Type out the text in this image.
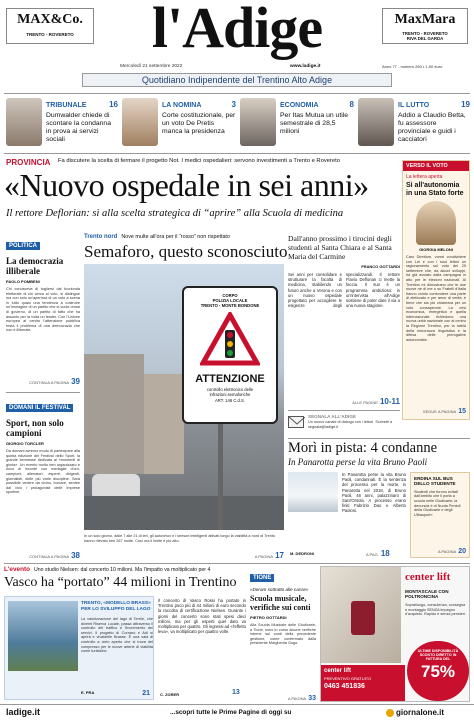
MAX&Co.
TRENTO - ROVERETO	l'Adige	MaxMara
TRENTO - ROVERETO
RIVA DEL GARDA
Mercoledì 21 settembre 2022	www.ladige.it	Anno 77 - numero 260 • 1,50 euro
Quotidiano Indipendente del Trentino Alto Adige
16
TRIBUNALE
Dumwalder chiede di scontare la condanna in prova ai servizi sociali
3
LA NOMINA
Corte costituzionale, per un voto De Pretis manca la presidenza
8
ECONOMIA
Per Itas Mutua un utile semestrale di 28,5 milioni
19
IL LUTTO
Addio a Claudio Betta, fu assessore provinciale e guidi i cacciatori
PROVINCIA Fa discutere la scelta di fermare il progetto Not. I medici ospedalieri: servono investimenti a Trento e Rovereto
«Nuovo ospedale in sei anni»
Il rettore Deflorian: sì alla scelta strategica di “aprire” alla Scuola di medicina
VERSO IL VOTO
La lettera aperta
Sì all'autonomia in una Stato forte
GIORGIA MELONI
Caro Direttore, vorrei condividere con Lei e con i suoi lettori un ragionamento sul voto del 25 settembre che, da alcuni sviluppi, ha già avviato dalla campagna in atto per le elezioni nazionali. Al Trentino mi dimostrano che le due nuove ne di me o su Fratelli d'Italia hanno voluto confondere una parte di elettorato e per amor di verità, è bene che sia più chiarezza per un voto consapevole. La crisi economica, energetica e quella internazionale richiedono una nuova unità nazionale con al centro la Regione Trentino, per la tutela della minoranza linguistica e la difesa delle prerogative autonomiste.
SEGUE A PAGINA 15
POLITICA
La democrazia illiberale
PAOLO POMBENI
Chi conosceva di togliersi dal fuorionda elettorale di chi cerca al voto, si distingue ma con solo un'apertura di un voto a scena in tutto quasi una tendenza a costruire un'immagine di un partito che si vuole ormai di governo, di un partito di fatto che ha assunto per la volta un leader. Con l'Unione europea al centro l'attenzione pubblica resta il problema di una democrazia che non è illiberale.
CONTINUA A PAGINA 39
DOMANI IL FESTIVAL
Sport, non solo campioni
GIORGIO TORCLER
Da domani avremo modo di partecipare alla quinta edizione del Festival dello Sport, la grande kermesse dedicata ai «momenti di gloria». Un evento molto ben organizzato e ricco di incontri con medaglie d'oro, campioni, allenatori, esperti, dirigenti, giornalisti, delle più varie discipline. Sarà possibile vedere da vicino, toccare, sentire dal vivo i protagonisti delle imprese sportive.
CONTINUA A PAGINA 38
Trento nord Nove multe all'ora per il “rosso” non rispettato
Semaforo, questo sconosciuto
CORPO
POLIZIA LOCALE
TRENTO - MONTE BONDONE
ATTENZIONE
controllo elettronico delle
infrazioni semaforiche
ART. 146 C.d.S.
In un solo giorno, dalle 7 alle 21 di ieri, gli autovelox e i sensori intelligenti attivati lungo la viabilità a nord di Trento hanno rilevato ben 267 multe. Così ora il limite è più alto.
A PAGINA 17
Dall'anno prossimo i tirocini degli studenti al Santa Chiara e al Santa Maria del Carmine
FRANCO GOTTARDI
Sei anni per consolidare e strutturare la facoltà di medicina, stabilendo un futuro anche a Verona e con un nuovo ospedale progettato per accogliere le esigenze degli specializzandi. Il rettore Flavio Deflorian ci mette la faccia. Il suo è un programma ambizioso: in un'intervista all'Adige sostiene di poter dare il via a una nuova stagione.
ALLE PAGINE 10-11
SEGNALA ALL'ADIGE
Un nuovo canale di dialogo con i lettori. Scrivete a segnala@ladige.it
Morì in pista: 4 condanne
In Panarotta perse la vita Bruno Paoli
In Panarotta perse la vita Bruno Paoli, condannati. È la sentenza del processo per la morte, in Panarotta nel 2018, di Bruno Paoli, 46 anni, palazzinaro di Sant'Orsola. A processo erano finiti Fabrizio Dao e Alberto Paoloni.
M. DEDRONI	A PAG. 18
ERDINA SUL BUS DELLO STUDENTE
Studenti che furono evitati dall'ambito che il porta a scuola nelle Giudicarie; la denuncia è di Nuota Pentoli della Giudicarie e degli Ultrasport»
A PAGINA 20
L'evento Uno studio Nielsen: dal concerto 10 milioni. Ma l'impatto va moltiplicato per 4
Vasco ha “portato” 44 milioni in Trentino
TRENTO, «MODELLO BRASS» PER LO SVILUPPO DEL LAGO
La valorizzazione del lago di Terrile, che diventi Riserva Locale, passa attraverso il controllo del traffico e l'incremento dei servizi. Il progetto di Cornaro e Adi si aprirà e vivaldelle Brasse. È una sala di controllo a cielo aperto che si trova del compresso per le nuove arterie di viabilità come turistiche.
E. PRA	21
Il concerto di Vasco Rossi ha portato in Trentino poco più di 44 milioni di euro secondo la raccolta di certificazione Nielsen. Durante i giorni del concerto sono stati spesi dieci milioni, ma per gli esperti quel dato va moltiplicato per quattro. Gli ingressi ad «l'effetto leva», va moltiplicato per quattro volte.
C. ZORER	13
TIONE
«Deram sottratto alle casse»
Scuola musicale, verifiche sui conti
PIETRO GOTTARDI
Alla Scuola Musicale delle Giudicarie, a Tione, sono in corso alcune verifiche interne sui conti della precedente gestione, come confermato dalla presidente Margherita Gugo.
A PAGINA 33
center lift
MONTASCALE CON POLTRONCINA
Sopralluogo, consulenza, consegna e montaggio SENZA impegno d'acquisto. Rapido e senza pensieri.
ULTIME DISPONIBILITÀ SCONTO DIRETTO IN FATTURA DEL
75%
center lift
PREVENTIVO GRATUITO
0463 451836
ladige.it	...scopri tutte le Prime Pagine di oggi su	giornalone.it
